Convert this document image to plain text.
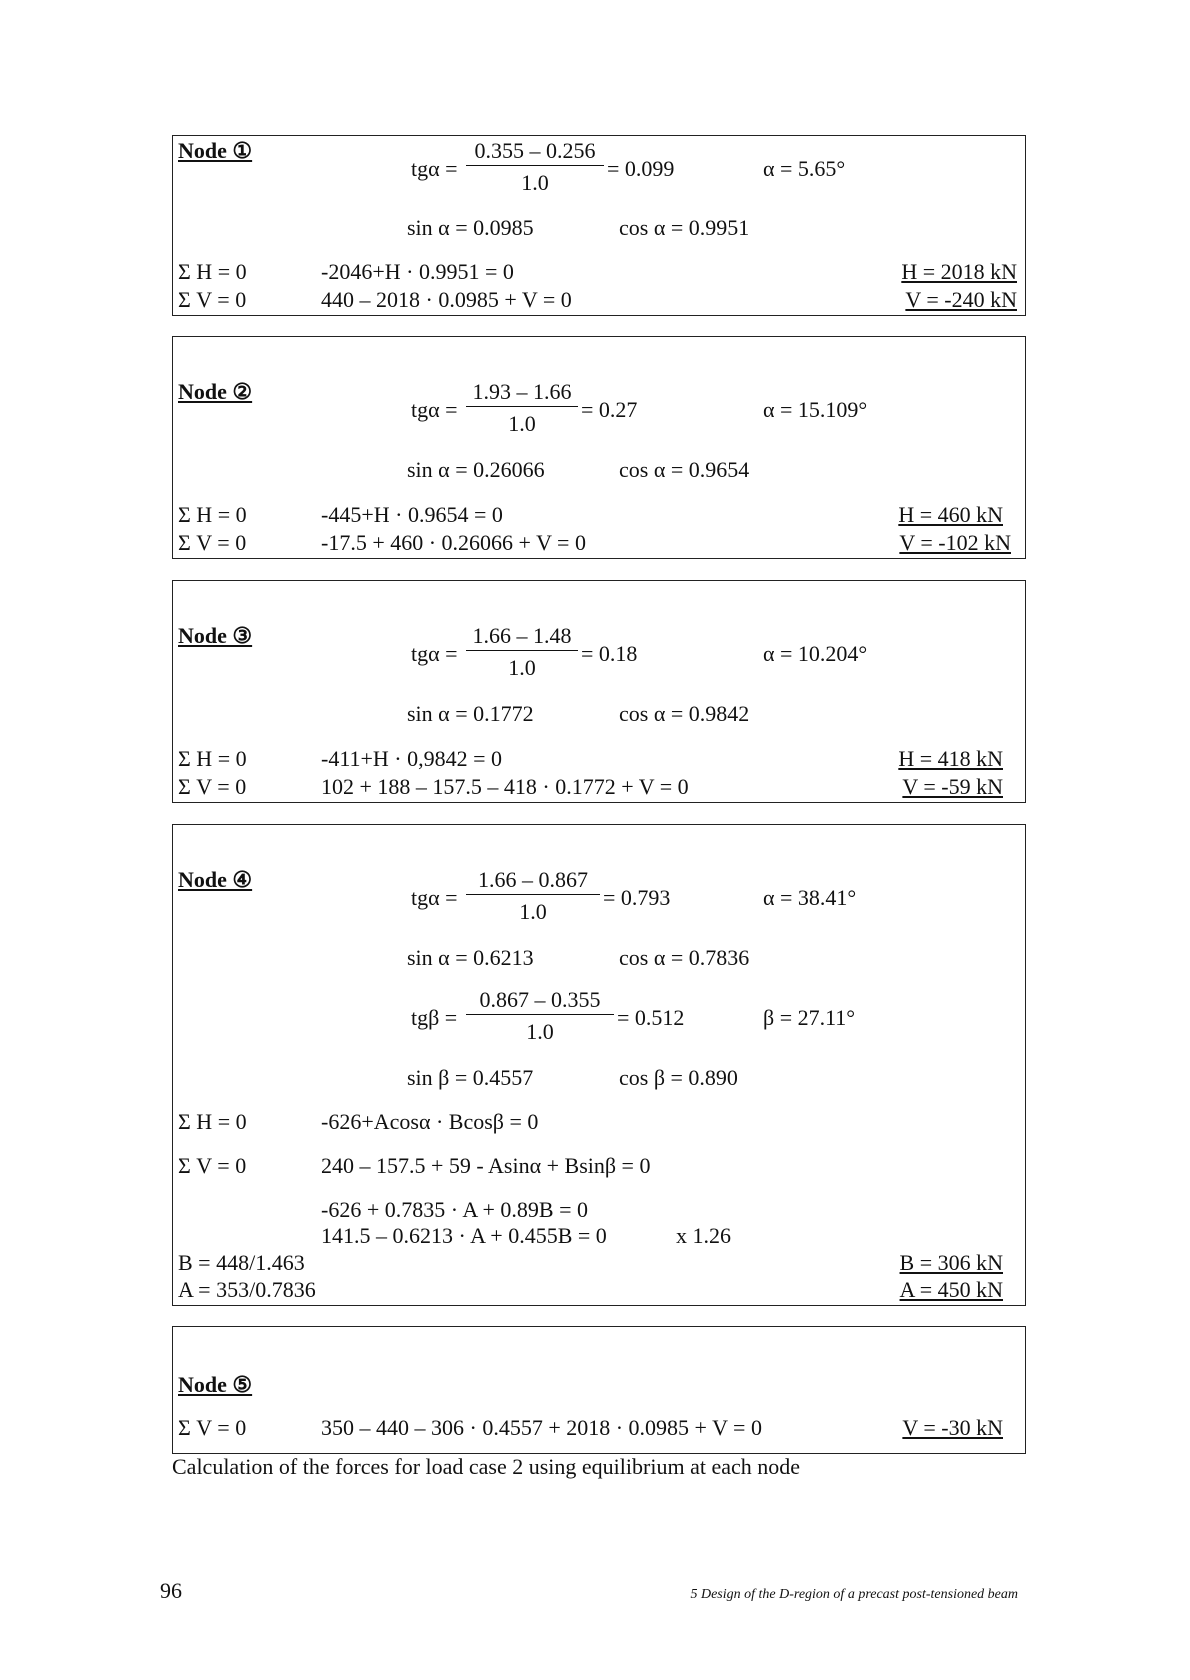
Node ①
$tg\alpha = \frac{0.355 - 0.256}{1.0} = 0.099$	α = 5.65°
sin α = 0.0985	cos α = 0.9951
Σ H = 0	-2046+H · 0.9951 = 0	H = 2018 kN
Σ V = 0	440 – 2018 · 0.0985 + V = 0	V = -240 kN
Node ②
$tg\alpha = \frac{1.93 - 1.66}{1.0} = 0.27$	α = 15.109°
sin α = 0.26066	cos α = 0.9654
Σ H = 0	-445+H · 0.9654 = 0	H = 460 kN
Σ V = 0	-17.5 + 460 · 0.26066 + V = 0	V = -102 kN
Node ③
$tg\alpha = \frac{1.66 - 1.48}{1.0} = 0.18$	α = 10.204°
sin α = 0.1772	cos α = 0.9842
Σ H = 0	-411+H · 0,9842 = 0	H = 418 kN
Σ V = 0	102 + 188 – 157.5 – 418 · 0.1772 + V = 0	V = -59 kN
Node ④
$tg\alpha = \frac{1.66 - 0.867}{1.0} = 0.793$	α = 38.41°
sin α = 0.6213	cos α = 0.7836
$tg\beta = \frac{0.867 - 0.355}{1.0} = 0.512$	β = 27.11°
sin β = 0.4557	cos β = 0.890
Σ H = 0	-626+Acosα · Bcosβ = 0
Σ V = 0	240 – 157.5 + 59 - Asinα + Bsinβ = 0
-626 + 0.7835 · A + 0.89B = 0
141.5 – 0.6213 · A + 0.455B = 0	x 1.26
B = 448/1.463	B = 306 kN
A = 353/0.7836	A = 450 kN
Node ⑤
Σ V = 0	350 – 440 – 306 · 0.4557 + 2018 · 0.0985 + V = 0	V = -30 kN
Calculation of the forces for load case 2 using equilibrium at each node
96	5 Design of the D-region of a precast post-tensioned beam
